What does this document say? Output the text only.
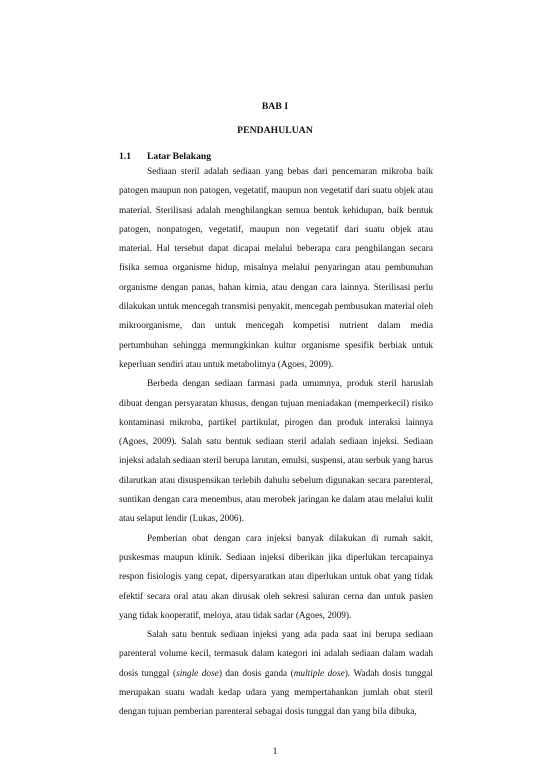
BAB I
PENDAHULUAN
1.1 Latar Belakang

Sediaan steril adalah sediaan yang bebas dari pencemaran mikroba baik patogen maupun non patogen, vegetatif, maupun non vegetatif dari suatu objek atau material. Sterilisasi adalah menghilangkan semua bentuk kehidupan, baik bentuk patogen, nonpatogen, vegetatif, maupun non vegetatif dari suatu objek atau material. Hal tersebut dapat dicapai melalui beberapa cara penghilangan secara fisika semua organisme hidup, misalnya melalui penyaringan atau pembunuhan organisme dengan panas, bahan kimia, atau dengan cara lainnya. Sterilisasi perlu dilakukan untuk mencegah transmisi penyakit, mencegah pembusukan material oleh mikroorganisme, dan untuk mencegah kompetisi nutrient dalam media pertumbuhan sehingga memungkinkan kultur organisme spesifik berbiak untuk keperluan sendiri atau untuk metabolitnya (Agoes, 2009).

Berbeda dengan sediaan farmasi pada umumnya, produk steril haruslah dibuat dengan persyaratan khusus, dengan tujuan meniadakan (memperkecil) risiko kontaminasi mikroba, partikel partikulat, pirogen dan produk interaksi lainnya (Agoes, 2009). Salah satu bentuk sediaan steril adalah sediaan injeksi. Sediaan injeksi adalah sediaan steril berupa larutan, emulsi, suspensi, atau serbuk yang harus dilarutkan atau disuspensikan terlebih dahulu sebelum digunakan secara parenteral, suntikan dengan cara menembus, atau merobek jaringan ke dalam atau melalui kulit atau selaput lendir (Lukas, 2006).

Pemberian obat dengan cara injeksi banyak dilakukan di rumah sakit, puskesmas maupun klinik. Sediaan injeksi diberikan jika diperlukan tercapainya respon fisiologis yang cepat, dipersyaratkan atau diperlukan untuk obat yang tidak efektif secara oral atau akan dirusak oleh sekresi saluran cerna dan untuk pasien yang tidak kooperatif, meloya, atau tidak sadar (Agoes, 2009).

Salah satu bentuk sediaan injeksi yang ada pada saat ini berupa sediaan parenteral volume kecil, termasuk dalam kategori ini adalah sediaan dalam wadah dosis tunggal (single dose) dan dosis ganda (multiple dose). Wadah dosis tunggal merupakan suatu wadah kedap udara yang mempertahankan jumlah obat steril dengan tujuan pemberian parenteral sebagai dosis tunggal dan yang bila dibuka,

1
